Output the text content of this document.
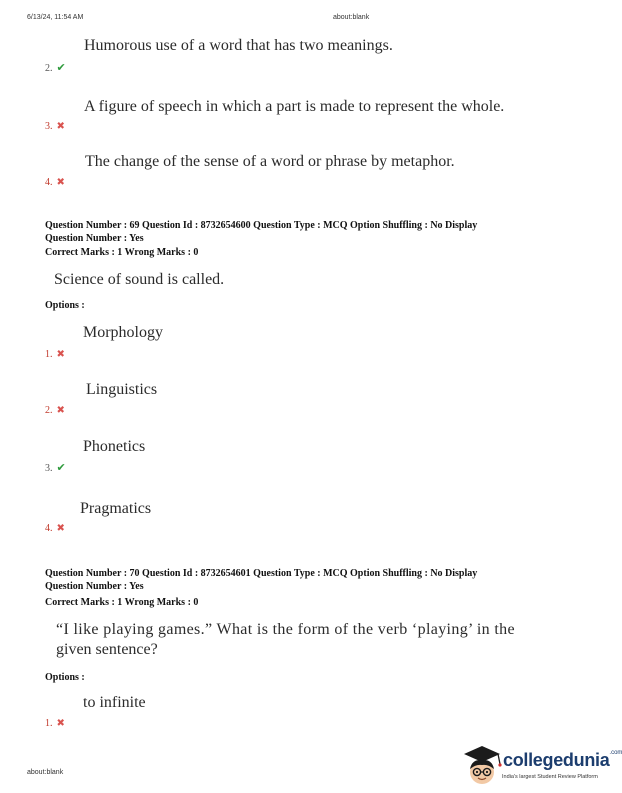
6/13/24, 11:54 AM	about:blank
Humorous use of a word that has two meanings.
2. ✔
A figure of speech in which a part is made to represent the whole.
3. ✖
The change of the sense of a word or phrase by metaphor.
4. ✖
Question Number : 69 Question Id : 8732654600 Question Type : MCQ Option Shuffling : No Display
Question Number : Yes
Correct Marks : 1 Wrong Marks : 0
Science of sound is called.
Options :
Morphology
1. ✖
Linguistics
2. ✖
Phonetics
3. ✔
Pragmatics
4. ✖
Question Number : 70 Question Id : 8732654601 Question Type : MCQ Option Shuffling : No Display
Question Number : Yes
Correct Marks : 1 Wrong Marks : 0
“I like playing games.” What is the form of the verb ‘playing’ in the
given sentence?
Options :
to infinite
1. ✖
about:blank
collegedunia$^{.com}$
India's largest Student Review Platform
